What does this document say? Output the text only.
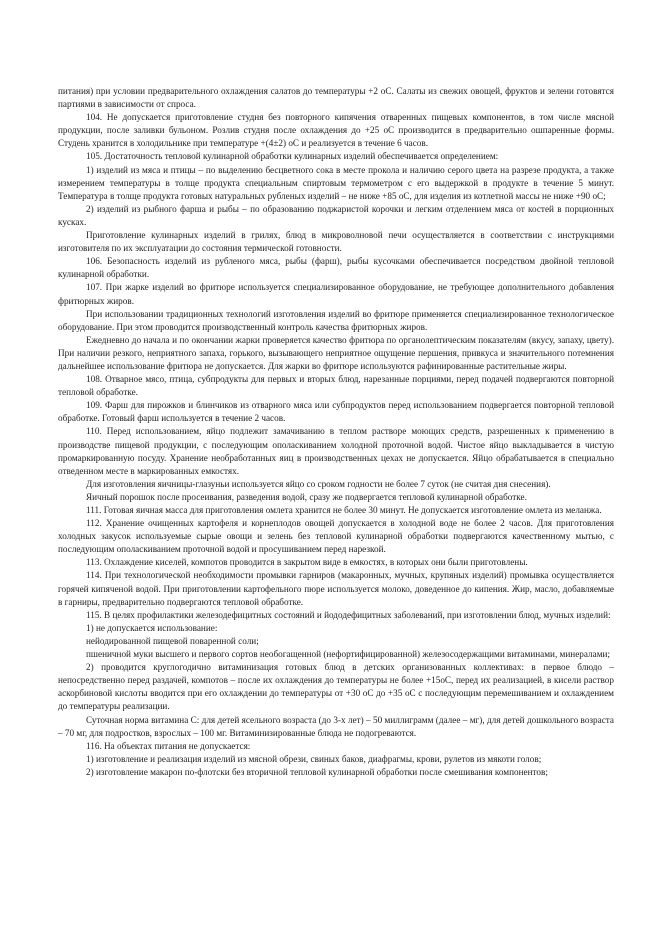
питания) при условии предварительного охлаждения салатов до температуры +2 оС. Салаты из свежих овощей, фруктов и зелени готовятся партиями в зависимости от спроса.

104. Не допускается приготовление студня без повторного кипячения отваренных пищевых компонентов, в том числе мясной продукции, после заливки бульоном. Розлив студня после охлаждения до +25 оС производится в предварительно ошпаренные формы. Студень хранится в холодильнике при температуре +(4±2) оС и реализуется в течение 6 часов.

105. Достаточность тепловой кулинарной обработки кулинарных изделий обеспечивается определением:

1) изделий из мяса и птицы – по выделению бесцветного сока в месте прокола и наличию серого цвета на разрезе продукта, а также измерением температуры в толще продукта специальным спиртовым термометром с его выдержкой в продукте в течение 5 минут. Температура в толще продукта готовых натуральных рубленых изделий – не ниже +85 оС, для изделия из котлетной массы не ниже +90 оС;

2) изделий из рыбного фарша и рыбы – по образованию поджаристой корочки и легким отделением мяса от костей в порционных кусках.

Приготовление кулинарных изделий в грилях, блюд в микроволновой печи осуществляется в соответствии с инструкциями изготовителя по их эксплуатации до состояния термической готовности.

106. Безопасность изделий из рубленого мяса, рыбы (фарш), рыбы кусочками обеспечивается посредством двойной тепловой кулинарной обработки.

107. При жарке изделий во фритюре используется специализированное оборудование, не требующее дополнительного добавления фритюрных жиров.

При использовании традиционных технологий изготовления изделий во фритюре применяется специализированное технологическое оборудование. При этом проводится производственный контроль качества фритюрных жиров.

Ежедневно до начала и по окончании жарки проверяется качество фритюра по органолептическим показателям (вкусу, запаху, цвету). При наличии резкого, неприятного запаха, горького, вызывающего неприятное ощущение першения, привкуса и значительного потемнения дальнейшее использование фритюра не допускается. Для жарки во фритюре используются рафинированные растительные жиры.

108. Отварное мясо, птица, субпродукты для первых и вторых блюд, нарезанные порциями, перед подачей подвергаются повторной тепловой обработке.

109. Фарш для пирожков и блинчиков из отварного мяса или субпродуктов перед использованием подвергается повторной тепловой обработке. Готовый фарш используется в течение 2 часов.

110. Перед использованием, яйцо подлежит замачиванию в теплом растворе моющих средств, разрешенных к применению в производстве пищевой продукции, с последующим ополаскиванием холодной проточной водой. Чистое яйцо выкладывается в чистую промаркированную посуду. Хранение необработанных яиц в производственных цехах не допускается. Яйцо обрабатывается в специально отведенном месте в маркированных емкостях.

Для изготовления яичницы-глазуньи используется яйцо со сроком годности не более 7 суток (не считая дня снесения).

Яичный порошок после просеивания, разведения водой, сразу же подвергается тепловой кулинарной обработке.

111. Готовая яичная масса для приготовления омлета хранится не более 30 минут. Не допускается изготовление омлета из меланжа.

112. Хранение очищенных картофеля и корнеплодов овощей допускается в холодной воде не более 2 часов. Для приготовления холодных закусок используемые сырые овощи и зелень без тепловой кулинарной обработки подвергаются качественному мытью, с последующим ополаскиванием проточной водой и просушиванием перед нарезкой.

113. Охлаждение киселей, компотов проводится в закрытом виде в емкостях, в которых они были приготовлены.

114. При технологической необходимости промывки гарниров (макаронных, мучных, крупяных изделий) промывка осуществляется горячей кипяченой водой. При приготовлении картофельного пюре используется молоко, доведенное до кипения. Жир, масло, добавляемые в гарниры, предварительно подвергаются тепловой обработке.

115. В целях профилактики железодефицитных состояний и йододефицитных заболеваний, при изготовлении блюд, мучных изделий:

1) не допускается использование:

нейодированной пищевой поваренной соли;

пшеничной муки высшего и первого сортов необогащенной (нефортифицированной) железосодержащими витаминами, минералами;

2) проводится круглогодично витаминизация готовых блюд в детских организованных коллективах: в первое блюдо – непосредственно перед раздачей, компотов – после их охлаждения до температуры не более +15оС, перед их реализацией, в кисели раствор аскорбиновой кислоты вводится при его охлаждении до температуры от +30 оС до +35 оС с последующим перемешиванием и охлаждением до температуры реализации.

Суточная норма витамина С: для детей ясельного возраста (до 3-х лет) – 50 миллиграмм (далее – мг), для детей дошкольного возраста – 70 мг, для подростков, взрослых – 100 мг. Витаминизированные блюда не подогреваются.

116. На объектах питания не допускается:

1) изготовление и реализация изделий из мясной обрези, свиных баков, диафрагмы, крови, рулетов из мякоти голов;

2) изготовление макарон по-флотски без вторичной тепловой кулинарной обработки после смешивания компонентов;
